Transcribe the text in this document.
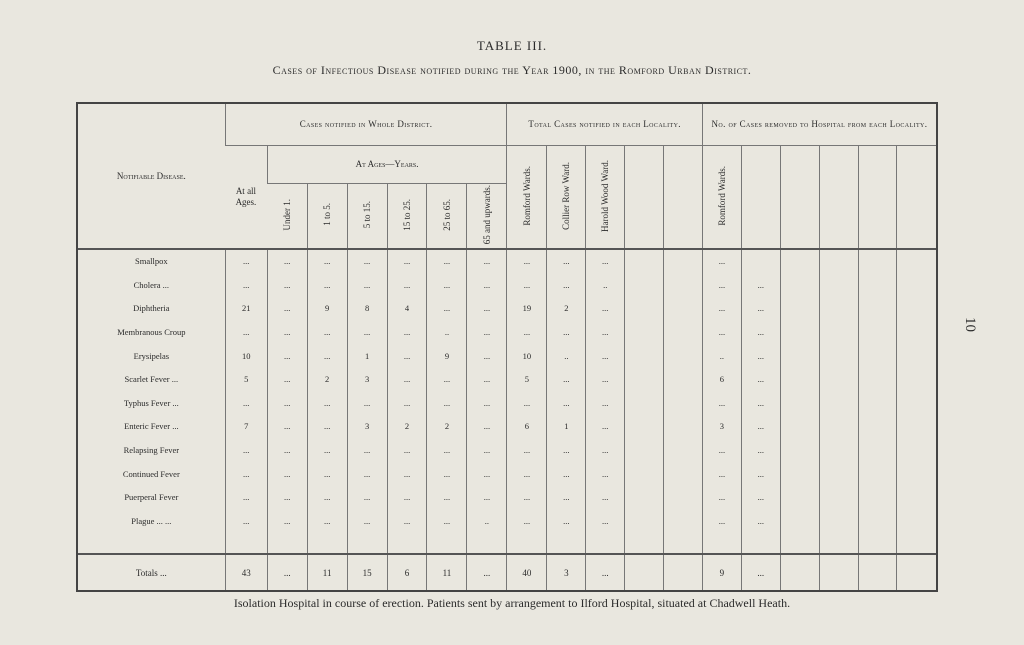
TABLE III.
Cases of Infectious Disease notified during the Year 1900, in the Romford Urban District.
Notifiable Disease.	Cases notified in Whole District.							Total Cases notified in each Locality.					No. of Cases removed to Hospital from each Locality.					
	At all Ages.	At Ages—Years.						Romford Wards.	Collier Row Ward.	Harold Wood Ward.			Romford Wards.					
		Under 1.	1 to 5.	5 to 15.	15 to 25.	25 to 65.	65 and upwards.											
Smallpox	...	...	...	...	...	...	...	...	...	...			...					
Cholera ...	...	...	...	...	...	...	...	...	...	..			...	...				
Diphtheria	21	...	9	8	4	...	...	19	2	...			...	...				
Membranous Croup	...	...	...	...	...	..	...	...	...	...			...	...				
Erysipelas	10	...	...	1	...	9	...	10	..	...			..	...				
Scarlet Fever ...	5	...	2	3	...	...	...	5	...	...			6	...				
Typhus Fever ...	...	...	...	...	...	...	...	...	...	...			...	...				
Enteric Fever ...	7	...	...	3	2	2	...	6	1	...			3	...				
Relapsing Fever	...	...	...	...	...	...	...	...	...	...			...	...				
Continued Fever	...	...	...	...	...	...	...	...	...	...			...	...				
Puerperal Fever	...	...	...	...	...	...	...	...	...	...			...	...				
Plague ... ...	...	...	...	...	...	...	..	...	...	...			...	...				

Totals ...	43	...	11	15	6	11	...	40	3	...			9	...				
Isolation Hospital in course of erection. Patients sent by arrangement to Ilford Hospital, situated at Chadwell Heath.
10
